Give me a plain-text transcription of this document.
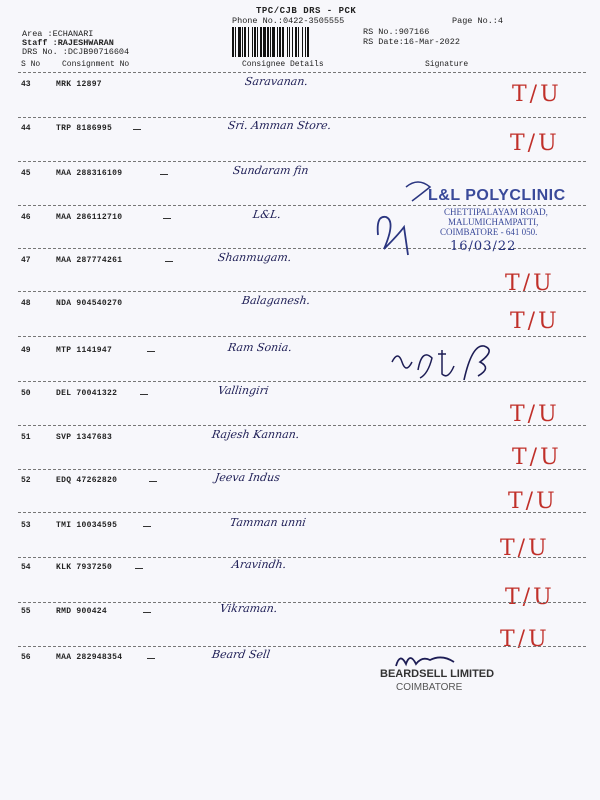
TPC/CJB DRS - PCK
Phone No.:0422-3505555	Page No.:4
Area :ECHANARI
Staff :RAJESHWARAN
DRS No. :DCJB90716604
RS No.:907166
RS Date:16-Mar-2022
S No	Consignment No	Consignee Details	Signature
43	MRK 12897	Saravanan.
T/U
44	TRP 8186995	Sri. Amman Store.
T/U
45	MAA 288316109	Sundaram fin
46	MAA 286112710	L&L.
47	MAA 287774261	Shanmugam.
T/U
48	NDA 904540270	Balaganesh.
T/U
49	MTP 1141947	Ram Sonia.
50	DEL 70041322	Vallingiri
T/U
51	SVP 1347683	Rajesh Kannan.
T/U
52	EDQ 47262820	Jeeva Indus
T/U
53	TMI 10034595	Tamman unni
T/U
54	KLK 7937250	Aravindh.
T/U
55	RMD 900424	Vikraman.
T/U
56	MAA 282948354	Beard Sell
L&L POLYCLINIC
CHETTIPALAYAM ROAD,
MALUMICHAMPATTI,
COIMBATORE - 641 050.
16/03/22
BEARDSELL LIMITED
COIMBATORE
